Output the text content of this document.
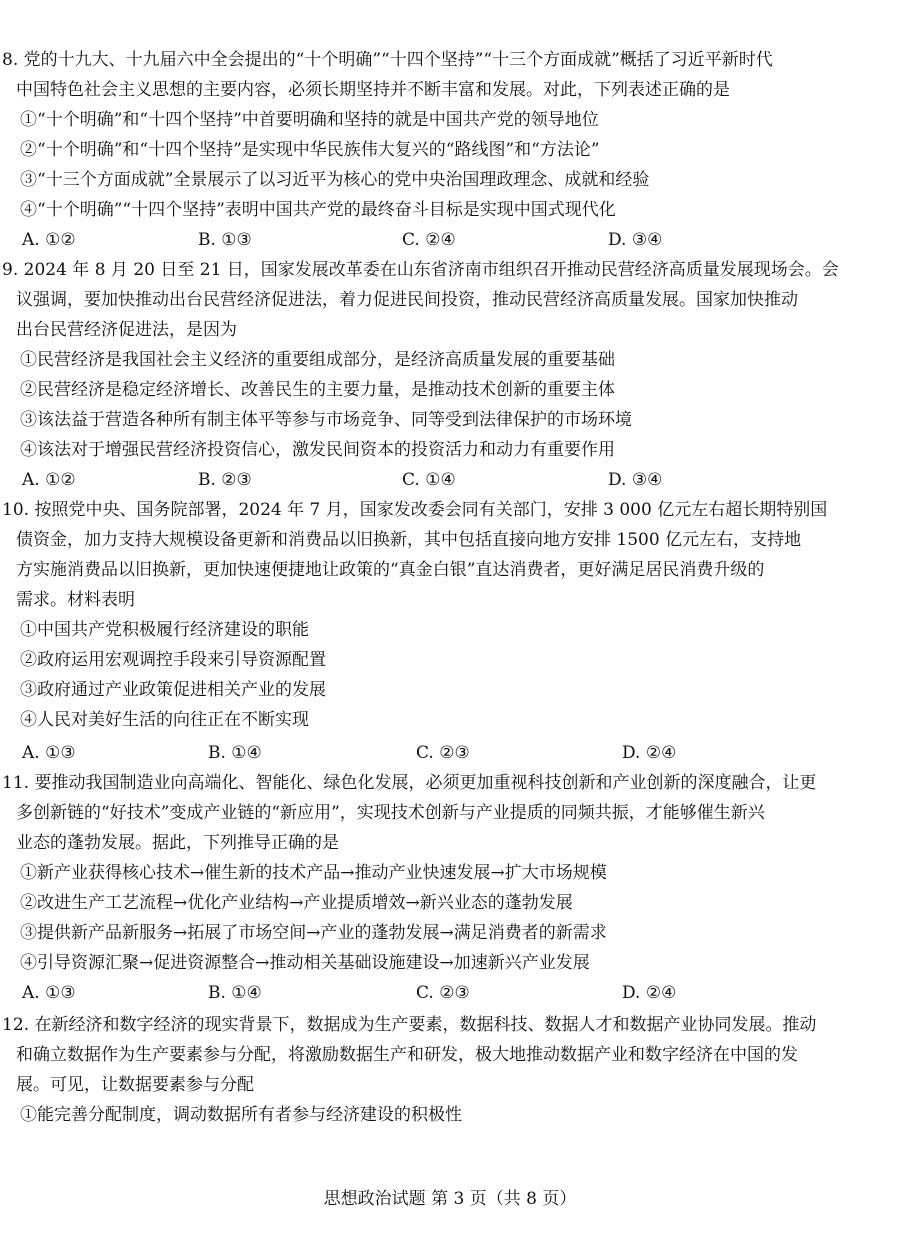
8. 党的十九大、十九届六中全会提出的“十个明确”“十四个坚持”“十三个方面成就”概括了习近平新时代
中国特色社会主义思想的主要内容，必须长期坚持并不断丰富和发展。对此，下列表述正确的是
①“十个明确”和“十四个坚持”中首要明确和坚持的就是中国共产党的领导地位
②“十个明确”和“十四个坚持”是实现中华民族伟大复兴的“路线图”和“方法论”
③“十三个方面成就”全景展示了以习近平为核心的党中央治国理政理念、成就和经验
④“十个明确”“十四个坚持”表明中国共产党的最终奋斗目标是实现中国式现代化
A. ①②	B. ①③	C. ②④	D. ③④
9. 2024 年 8 月 20 日至 21 日，国家发展改革委在山东省济南市组织召开推动民营经济高质量发展现场会。会
议强调，要加快推动出台民营经济促进法，着力促进民间投资，推动民营经济高质量发展。国家加快推动
出台民营经济促进法，是因为
①民营经济是我国社会主义经济的重要组成部分，是经济高质量发展的重要基础
②民营经济是稳定经济增长、改善民生的主要力量，是推动技术创新的重要主体
③该法益于营造各种所有制主体平等参与市场竞争、同等受到法律保护的市场环境
④该法对于增强民营经济投资信心，激发民间资本的投资活力和动力有重要作用
A. ①②	B. ②③	C. ①④	D. ③④
10. 按照党中央、国务院部署，2024 年 7 月，国家发改委会同有关部门，安排 3 000 亿元左右超长期特别国
债资金，加力支持大规模设备更新和消费品以旧换新，其中包括直接向地方安排 1500 亿元左右，支持地
方实施消费品以旧换新，更加快速便捷地让政策的“真金白银”直达消费者，更好满足居民消费升级的
需求。材料表明
①中国共产党积极履行经济建设的职能
②政府运用宏观调控手段来引导资源配置
③政府通过产业政策促进相关产业的发展
④人民对美好生活的向往正在不断实现
A. ①③	B. ①④	C. ②③	D. ②④
11. 要推动我国制造业向高端化、智能化、绿色化发展，必须更加重视科技创新和产业创新的深度融合，让更
多创新链的“好技术”变成产业链的“新应用”，实现技术创新与产业提质的同频共振，才能够催生新兴
业态的蓬勃发展。据此，下列推导正确的是
①新产业获得核心技术→催生新的技术产品→推动产业快速发展→扩大市场规模
②改进生产工艺流程→优化产业结构→产业提质增效→新兴业态的蓬勃发展
③提供新产品新服务→拓展了市场空间→产业的蓬勃发展→满足消费者的新需求
④引导资源汇聚→促进资源整合→推动相关基础设施建设→加速新兴产业发展
A. ①③	B. ①④	C. ②③	D. ②④
12. 在新经济和数字经济的现实背景下，数据成为生产要素，数据科技、数据人才和数据产业协同发展。推动
和确立数据作为生产要素参与分配，将激励数据生产和研发，极大地推动数据产业和数字经济在中国的发
展。可见，让数据要素参与分配
①能完善分配制度，调动数据所有者参与经济建设的积极性
思想政治试题 第 3 页（共 8 页）
